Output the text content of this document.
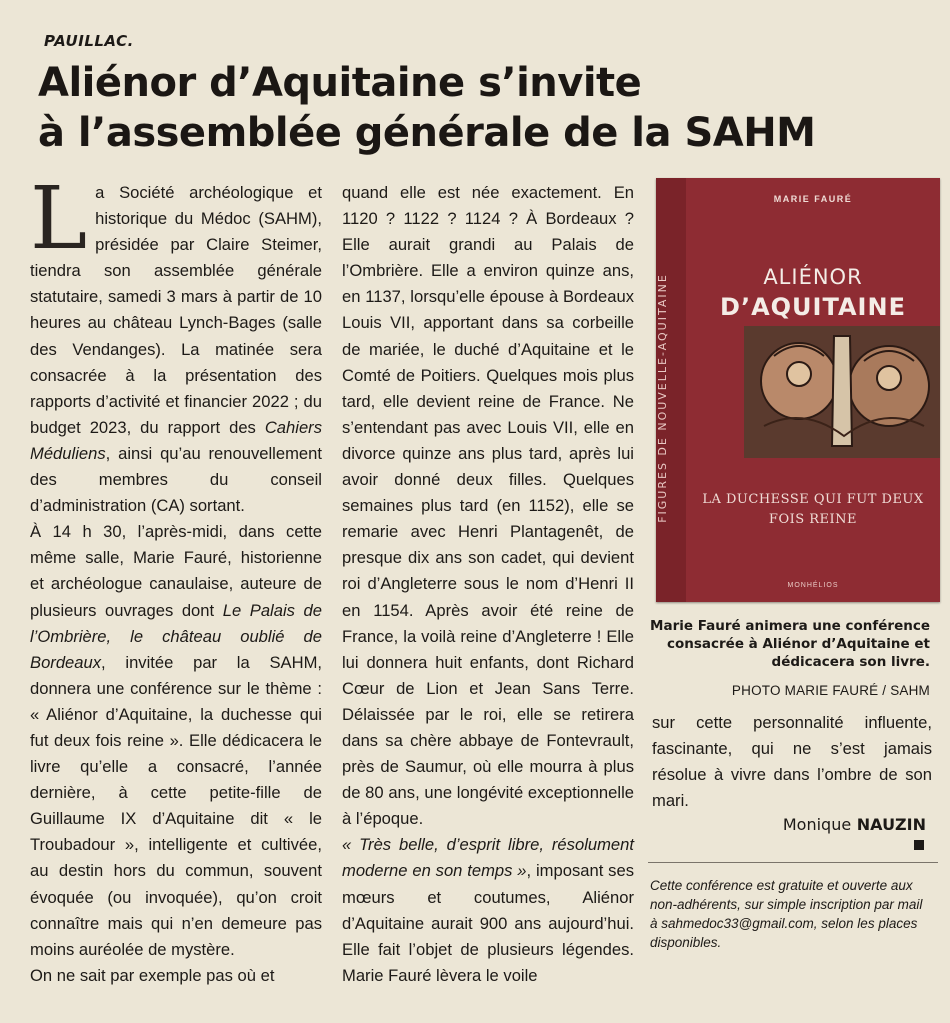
PAUILLAC.
Aliénor d’Aquitaine s’invite
à l’assemblée générale de la SAHM

La Société archéologique et historique du Médoc (SAHM), présidée par Claire Steimer, tiendra son assemblée générale statutaire, samedi 3 mars à partir de 10 heures au château Lynch-Bages (salle des Vendanges). La matinée sera consacrée à la présentation des rapports d’activité et financier 2022 ; du budget 2023, du rapport des Cahiers Méduliens, ainsi qu’au renouvellement des membres du conseil d’administration (CA) sortant.

À 14 h 30, l’après-midi, dans cette même salle, Marie Fauré, historienne et archéologue canaulaise, auteure de plusieurs ouvrages dont Le Palais de l’Ombrière, le château oublié de Bordeaux, invitée par la SAHM, donnera une conférence sur le thème : « Aliénor d’Aquitaine, la duchesse qui fut deux fois reine ». Elle dédicacera le livre qu’elle a consacré, l’année dernière, à cette petite-fille de Guillaume IX d’Aquitaine dit « le Troubadour », intelligente et cultivée, au destin hors du commun, souvent évoquée (ou invoquée), qu’on croit connaître mais qui n’en demeure pas moins auréolée de mystère.

On ne sait par exemple pas où et

quand elle est née exactement. En 1120 ? 1122 ? 1124 ? À Bordeaux ? Elle aurait grandi au Palais de l’Ombrière. Elle a environ quinze ans, en 1137, lorsqu’elle épouse à Bordeaux Louis VII, apportant dans sa corbeille de mariée, le duché d’Aquitaine et le Comté de Poitiers. Quelques mois plus tard, elle devient reine de France. Ne s’entendant pas avec Louis VII, elle en divorce quinze ans plus tard, après lui avoir donné deux filles. Quelques semaines plus tard (en 1152), elle se remarie avec Henri Plantagenêt, de presque dix ans son cadet, qui devient roi d’Angleterre sous le nom d’Henri II en 1154. Après avoir été reine de France, la voilà reine d’Angleterre ! Elle lui donnera huit enfants, dont Richard Cœur de Lion et Jean Sans Terre. Délaissée par le roi, elle se retirera dans sa chère abbaye de Fontevrault, près de Saumur, où elle mourra à plus de 80 ans, une longévité exceptionnelle à l’époque.

« Très belle, d’esprit libre, résolument moderne en son temps », imposant ses mœurs et coutumes, Aliénor d’Aquitaine aurait 900 ans aujourd’hui. Elle fait l’objet de plusieurs légendes. Marie Fauré lèvera le voile

FIGURES DE NOUVELLE-AQUITAINE
MARIE FAURÉ
ALIÉNOR
D’AQUITAINE
LA DUCHESSE QUI FUT DEUX FOIS REINE
MONHÉLIOS
Marie Fauré animera une conférence consacrée à Aliénor d’Aquitaine et dédicacera son livre.
PHOTO MARIE FAURÉ / SAHM

sur cette personnalité influente, fascinante, qui ne s’est jamais résolue à vivre dans l’ombre de son mari.

Monique NAUZIN
Cette conférence est gratuite et ouverte aux non-adhérents, sur simple inscription par mail à sahmedoc33@gmail.com, selon les places disponibles.
